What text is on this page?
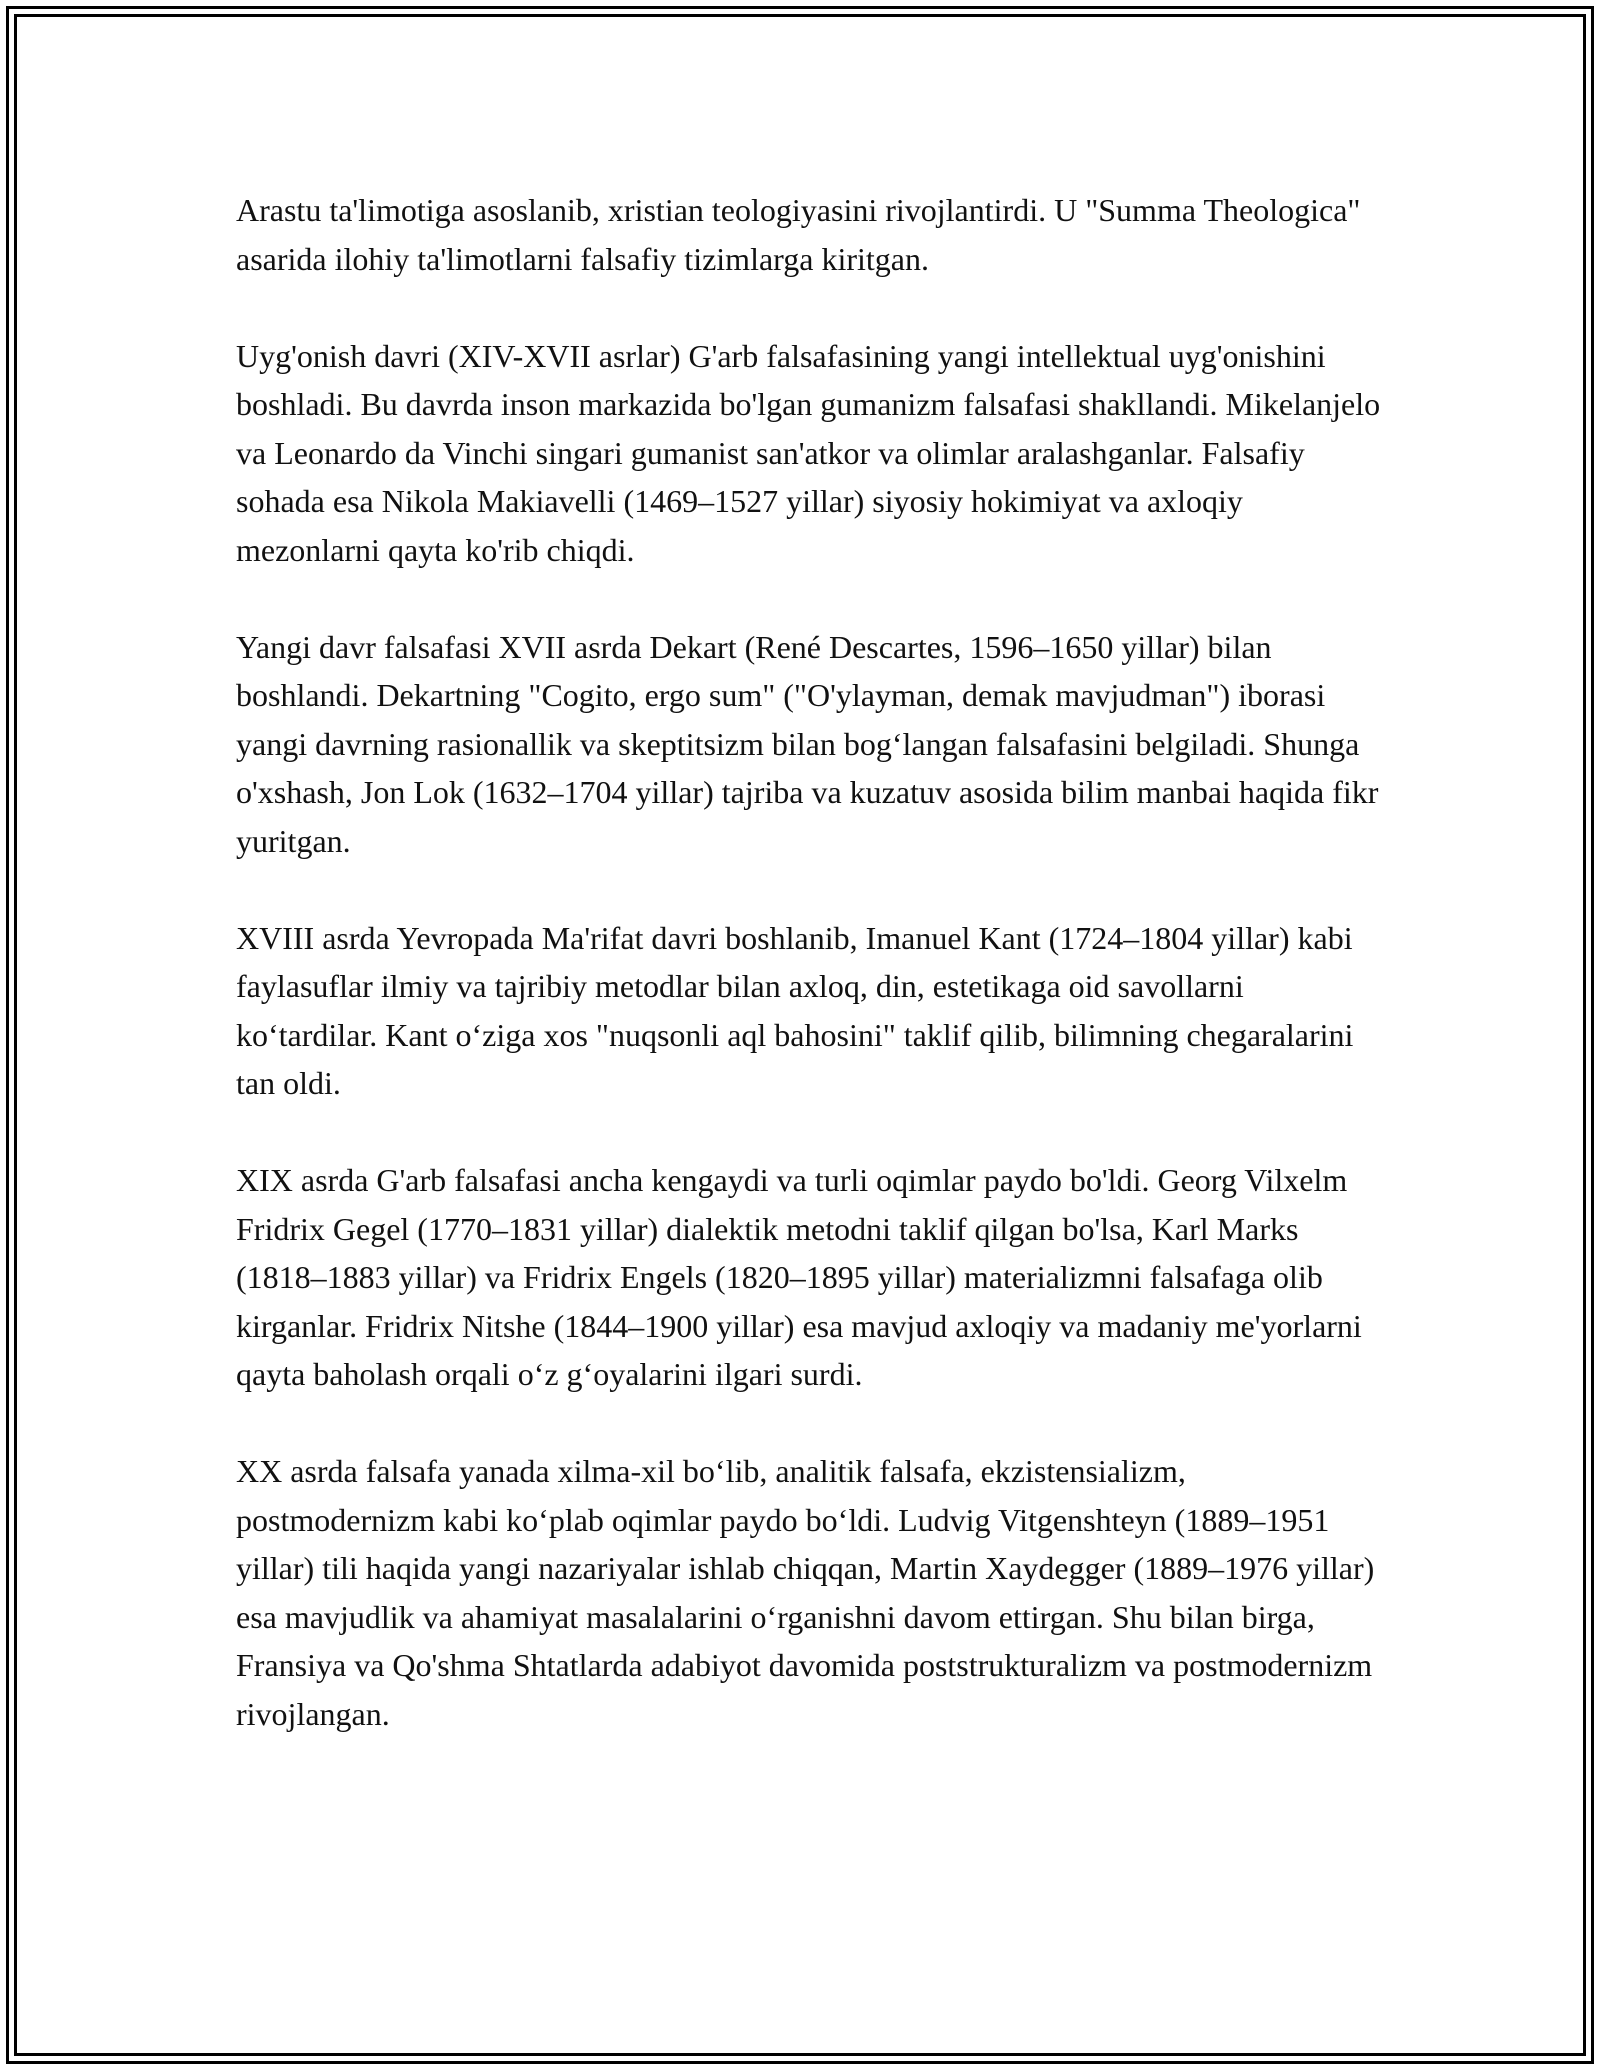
Arastu ta'limotiga asoslanib, xristian teologiyasini rivojlantirdi. U "Summa Theologica" asarida ilohiy ta'limotlarni falsafiy tizimlarga kiritgan.

Uyg'onish davri (XIV-XVII asrlar) G'arb falsafasining yangi intellektual uyg'onishini boshladi. Bu davrda inson markazida bo'lgan gumanizm falsafasi shakllandi. Mikelanjelo va Leonardo da Vinchi singari gumanist san'atkor va olimlar aralashganlar. Falsafiy sohada esa Nikola Makiavelli (1469–1527 yillar) siyosiy hokimiyat va axloqiy mezonlarni qayta ko'rib chiqdi.

Yangi davr falsafasi XVII asrda Dekart (René Descartes, 1596–1650 yillar) bilan boshlandi. Dekartning "Cogito, ergo sum" ("O'ylayman, demak mavjudman") iborasi yangi davrning rasionallik va skeptitsizm bilan bog‘langan falsafasini belgiladi. Shunga o'xshash, Jon Lok (1632–1704 yillar) tajriba va kuzatuv asosida bilim manbai haqida fikr yuritgan.

XVIII asrda Yevropada Ma'rifat davri boshlanib, Imanuel Kant (1724–1804 yillar) kabi faylasuflar ilmiy va tajribiy metodlar bilan axloq, din, estetikaga oid savollarni ko‘tardilar. Kant o‘ziga xos "nuqsonli aql bahosini" taklif qilib, bilimning chegaralarini tan oldi.

XIX asrda G'arb falsafasi ancha kengaydi va turli oqimlar paydo bo'ldi. Georg Vilxelm Fridrix Gegel (1770–1831 yillar) dialektik metodni taklif qilgan bo'lsa, Karl Marks (1818–1883 yillar) va Fridrix Engels (1820–1895 yillar) materializmni falsafaga olib kirganlar. Fridrix Nitshe (1844–1900 yillar) esa mavjud axloqiy va madaniy me'yorlarni qayta baholash orqali o‘z g‘oyalarini ilgari surdi.

XX asrda falsafa yanada xilma-xil bo‘lib, analitik falsafa, ekzistensializm, postmodernizm kabi ko‘plab oqimlar paydo bo‘ldi. Ludvig Vitgenshteyn (1889–1951 yillar) tili haqida yangi nazariyalar ishlab chiqqan, Martin Xaydegger (1889–1976 yillar) esa mavjudlik va ahamiyat masalalarini o‘rganishni davom ettirgan. Shu bilan birga, Fransiya va Qo'shma Shtatlarda adabiyot davomida poststrukturalizm va postmodernizm rivojlangan.
